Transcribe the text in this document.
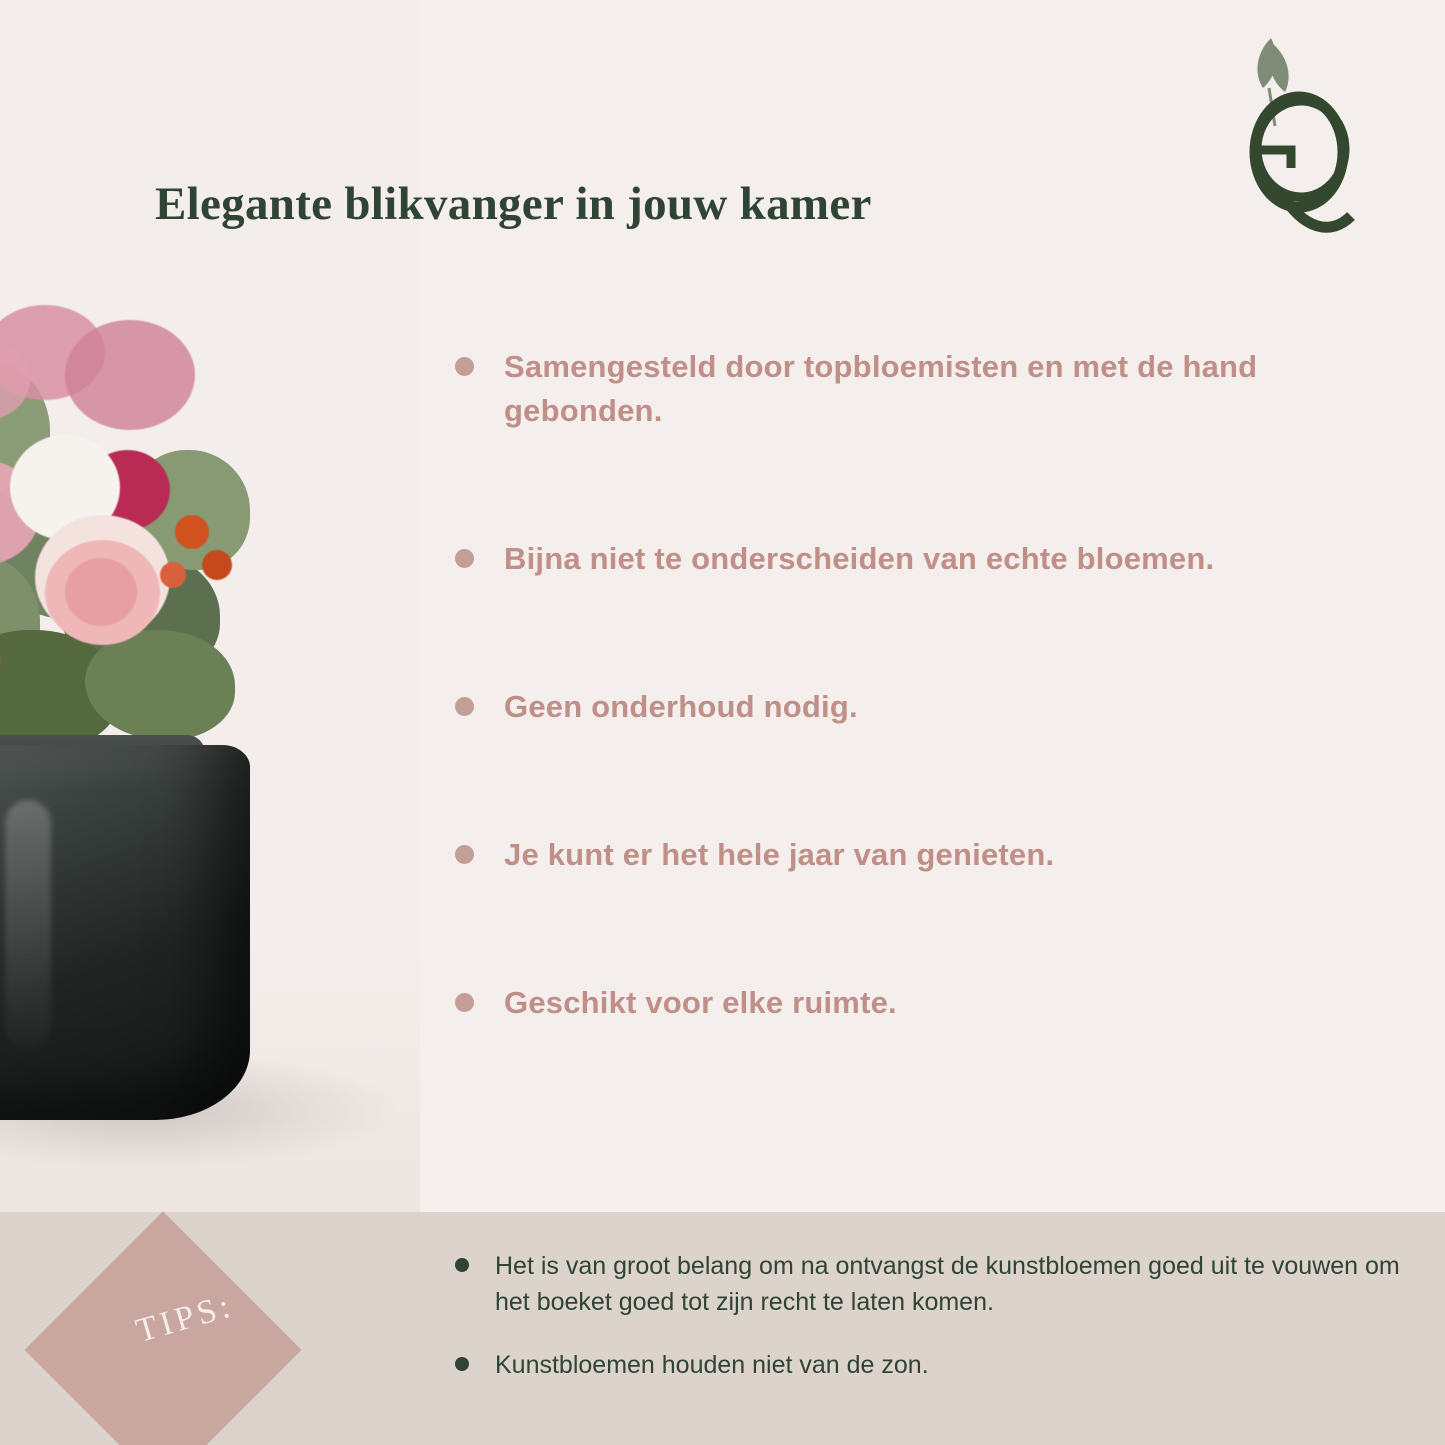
Elegante blikvanger in jouw kamer
Samengesteld door topbloemisten en met de hand gebonden.
Bijna niet te onderscheiden van echte bloemen.
Geen onderhoud nodig.
Je kunt er het hele jaar van genieten.
Geschikt voor elke ruimte.
TIPS:
Het is van groot belang om na ontvangst de kunstbloemen goed uit te vouwen om het boeket goed tot zijn recht te laten komen.
Kunstbloemen houden niet van de zon.
